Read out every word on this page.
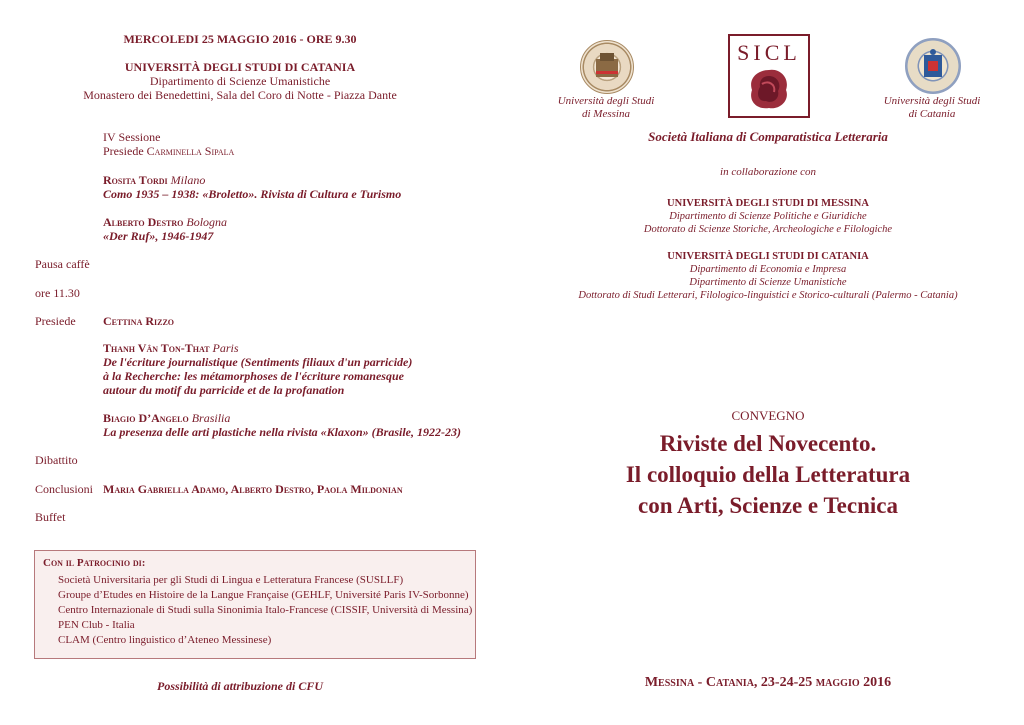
MERCOLEDI 25 MAGGIO 2016 - ORE 9.30
UNIVERSITÀ DEGLI STUDI DI CATANIA
Dipartimento di Scienze Umanistiche
Monastero dei Benedettini, Sala del Coro di Notte - Piazza Dante
IV Sessione
Presiede Carminella Sipala
Rosita Tordi Milano
Como 1935 – 1938: «Broletto». Rivista di Cultura e Turismo
Alberto Destro Bologna
«Der Ruf», 1946-1947
Pausa caffè
ore 11.30
Presiede Cettina Rizzo
Thanh Vân Ton-That Paris
De l'écriture journalistique (Sentiments filiaux d'un parricide)
à la Recherche: les métamorphoses de l'écriture romanesque
autour du motif du parricide et de la profanation
Biagio D’Angelo Brasilia
La presenza delle arti plastiche nella rivista «Klaxon» (Brasile, 1922-23)
Dibattito
Conclusioni Maria Gabriella Adamo, Alberto Destro, Paola Mildonian
Buffet
Con il Patrocinio di:
Società Universitaria per gli Studi di Lingua e Letteratura Francese (SUSLLF)
Groupe d’Etudes en Histoire de la Langue Française (GEHLF, Université Paris IV-Sorbonne)
Centro Internazionale di Studi sulla Sinonimia Italo-Francese (CISSIF, Università di Messina)
PEN Club - Italia
CLAM (Centro linguistico d’Ateneo Messinese)
Possibilità di attribuzione di CFU
Università degli Studi
di Messina
SICL
Università degli Studi
di Catania
Società Italiana di Comparatistica Letteraria
in collaborazione con
UNIVERSITÀ DEGLI STUDI DI MESSINA
Dipartimento di Scienze Politiche e Giuridiche
Dottorato di Scienze Storiche, Archeologiche e Filologiche
UNIVERSITÀ DEGLI STUDI DI CATANIA
Dipartimento di Economia e Impresa
Dipartimento di Scienze Umanistiche
Dottorato di Studi Letterari, Filologico-linguistici e Storico-culturali (Palermo - Catania)
CONVEGNO
Riviste del Novecento.
Il colloquio della Letteratura
con Arti, Scienze e Tecnica
Messina - Catania, 23-24-25 maggio 2016
